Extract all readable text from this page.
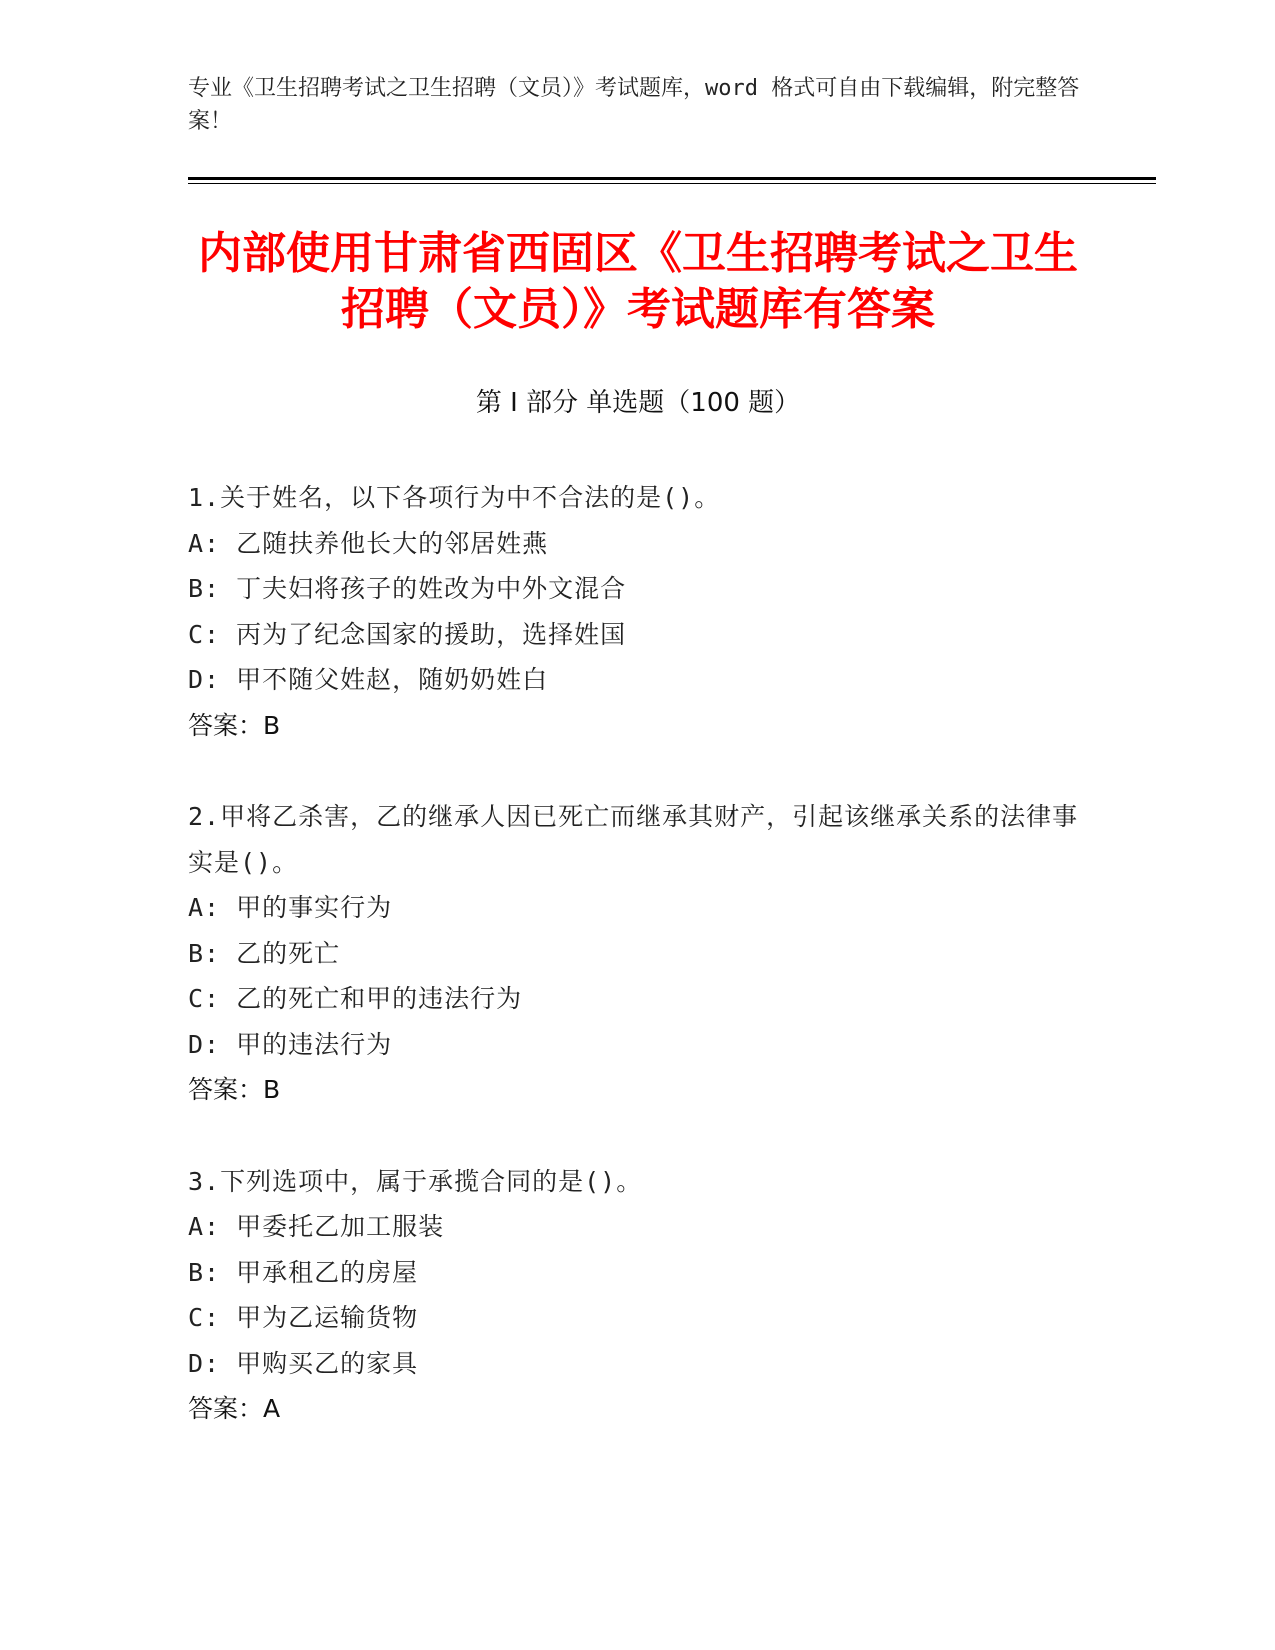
专业《卫生招聘考试之卫生招聘（文员）》考试题库，word 格式可自由下载编辑，附完整答案！
内部使用甘肃省西固区《卫生招聘考试之卫生招聘（文员）》考试题库有答案
第 I 部分 单选题（100 题）
1.关于姓名，以下各项行为中不合法的是()。
A: 乙随扶养他长大的邻居姓燕
B: 丁夫妇将孩子的姓改为中外文混合
C: 丙为了纪念国家的援助，选择姓国
D: 甲不随父姓赵，随奶奶姓白
答案：B
2.甲将乙杀害，乙的继承人因已死亡而继承其财产，引起该继承关系的法律事实是()。
A: 甲的事实行为
B: 乙的死亡
C: 乙的死亡和甲的违法行为
D: 甲的违法行为
答案：B
3.下列选项中，属于承揽合同的是()。
A: 甲委托乙加工服装
B: 甲承租乙的房屋
C: 甲为乙运输货物
D: 甲购买乙的家具
答案：A
